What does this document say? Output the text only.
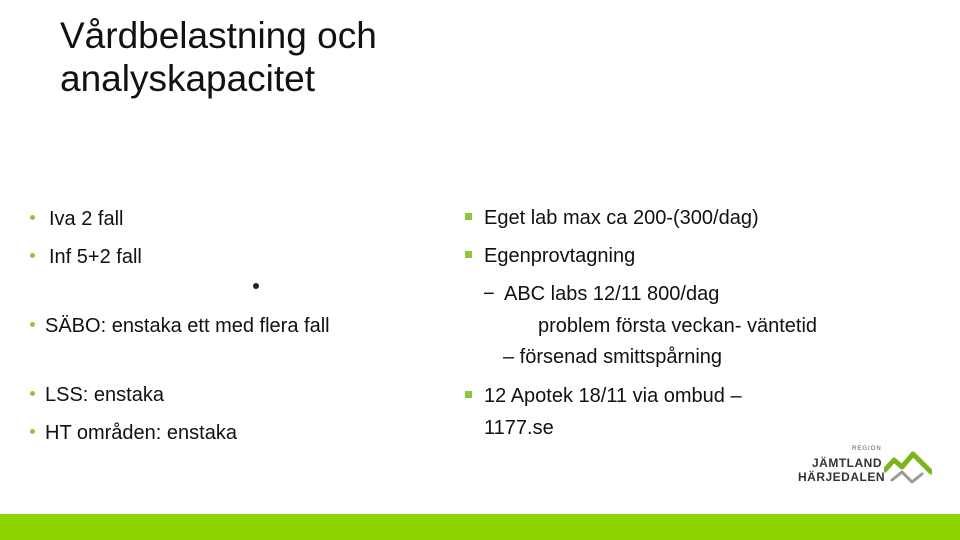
Vårdbelastning och
analyskapacitet
Iva 2 fall
Inf 5+2 fall
SÄBO: enstaka ett med flera fall
LSS: enstaka
HT områden: enstaka
Eget lab max ca 200-(300/dag)
Egenprovtagning
− ABC labs 12/11 800/dag
problem första veckan- väntetid
– försenad smittspårning
12 Apotek 18/11 via ombud –
1177.se
REGION
JÄMTLAND
HÄRJEDALEN
